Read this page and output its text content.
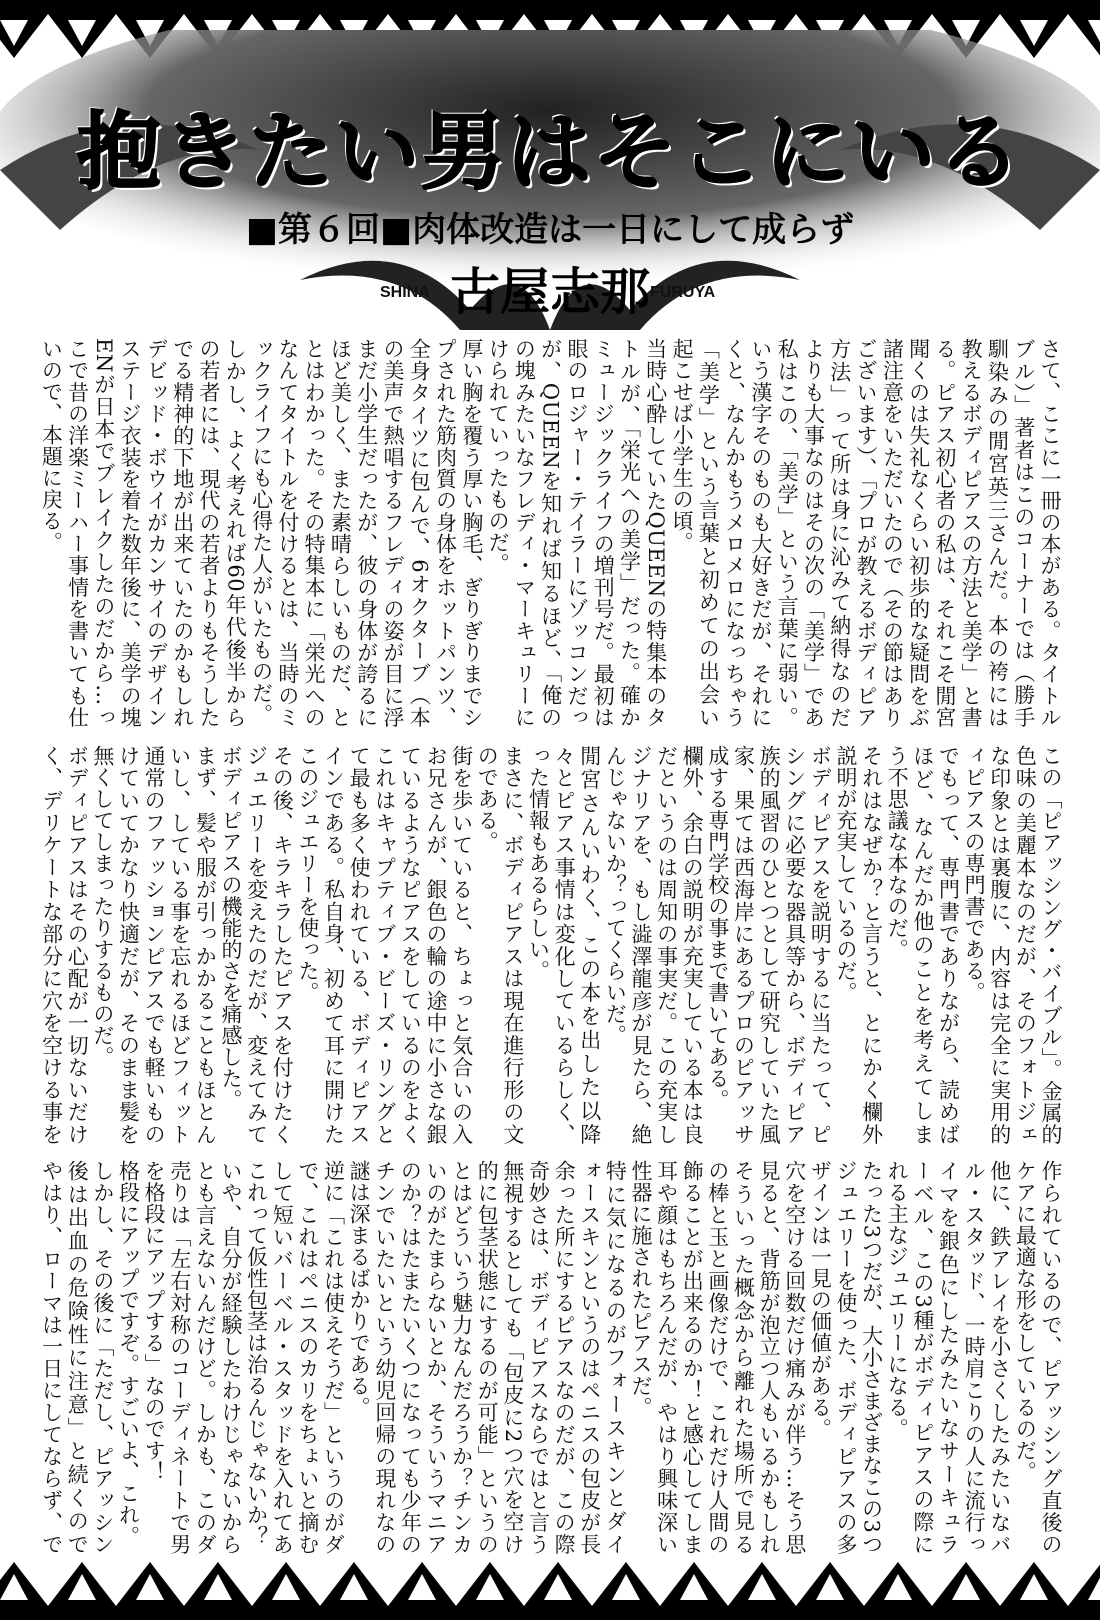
抱きたい男はそこにいる
■第６回■肉体改造は一日にして成らず
SHINA 古屋志那 FURUYA
さて、ここに一冊の本がある。タイトル
ブル）」著者はこのコーナーでは（勝手
馴染みの閒宮英三さんだ。本の袴には
教えるボディピアスの方法と美学」と書
る。ピアス初心者の私は、それこそ閒宮
聞くのは失礼なくらい初歩的な疑問をぶ
諸注意をいただいたので（その節はあり
ございます）、「プロが教えるボディピア
方法」って所は身に沁みて納得なのだ
よりも大事なのはその次の「美学」であ
私はこの、「美学」という言葉に弱い。
いう漢字そのものも大好きだが、それに
くと、なんかもうメロメロになっちゃう
「美学」という言葉と初めての出会い
起こせば小学生の頃。
当時心酔していたQUEENの特集本のタ
トルが、「栄光への美学」だった。確か
ミュージックライフの増刊号だ。最初は
眼のロジャー・テイラーにゾッコンだっ
が、QUEENを知れば知るほど、「俺の
の塊みたいなフレディ・マーキュリーに
けられていったものだ。
厚い胸を覆う厚い胸毛、ぎりぎりまでシ
プされた筋肉質の身体をホットパンツ、
全身タイツに包んで、6オクターブ（本
の美声で熱唱するフレディの姿が目に浮
まだ小学生だったが、彼の身体が誇るに
ほど美しく、また素晴らしいものだ、と
とはわかった。その特集本に「栄光への
なんてタイトルを付けるとは、当時のミ
ックライフにも心得た人がいたものだ。
しかし、よく考えれば60年代後半から
の若者には、現代の若者よりもそうした
でる精神的下地が出来ていたのかもしれ
デビッド・ボウイがカンサイのデザイン
ステージ衣装を着た数年後に、美学の塊
ENが日本でブレイクしたのだから…っ
こで昔の洋楽ミーハー事情を書いても仕
いので、本題に戻る。
この「ピアッシング・バイブル」。金属的
色味の美麗本なのだが、そのフォトジェ
な印象とは裏腹に、内容は完全に実用的
ィピアスの専門書である。
でもって、専門書でありながら、読めば
ほど、なんだか他のことを考えてしま
う不思議な本なのだ。
それはなぜか？と言うと、とにかく欄外
説明が充実しているのだ。
ボディピアスを説明するに当たって、ピ
シングに必要な器具等から、ボディピア
族的風習のひとつとして研究していた風
家、果ては西海岸にあるプロのピアッサ
成する専門学校の事まで書いてある。
欄外、余白の説明が充実している本は良
だというのは周知の事実だ。この充実し
ジナリアを、もし澁澤龍彦が見たら、絶
んじゃないか？ってくらいだ。
閒宮さんいわく、この本を出した以降
々とピアス事情は変化しているらしく、
った情報もあるらしい。
まさに、ボディピアスは現在進行形の文
のである。
街を歩いていると、ちょっと気合いの入
お兄さんが、銀色の輪の途中に小さな銀
ているようなピアスをしているのをよく
これはキャプティブ・ビーズ・リングと
て最も多く使われている、ボディピアス
インである。私自身、初めて耳に開けた
このジュエリーを使った。
その後、キラキラしたピアスを付けたく
ジュエリーを変えたのだが、変えてみて
ボディピアスの機能的さを痛感した。
まず、髪や服が引っかかることもほとん
いし、している事を忘れるほどフィット
通常のファッションピアスでも軽いもの
けていてかなり快適だが、そのまま髪を
無くしてしまったりするものだ。
ボディピアスはその心配が一切ないだけ
く、デリケートな部分に穴を空ける事を
作られているので、ピアッシング直後の
ケアに最適な形をしているのだ。
他に、鉄アレイを小さくしたみたいなバ
ル・スタッド、一時肩こりの人に流行っ
イマを銀色にしたみたいなサーキュラ
ーベル、この3種がボディピアスの際に
れる主なジュエリーになる。
たった3つだが、大小さまざまなこの3つ
ジュエリーを使った、ボディピアスの多
ザインは一見の価値がある。
穴を空ける回数だけ痛みが伴う…そう思
見ると、背筋が泡立つ人もいるかもしれ
そういった概念から離れた場所で見る
の棒と玉と画像だけで、これだけ人間の
飾ることが出来るのか！と感心してしま
耳や顔はもちろんだが、やはり興味深い
性器に施されたピアスだ。
特に気になるのがフォースキンとダイ
ォースキンというのはペニスの包皮が長
余った所にするピアスなのだが、この際
奇妙さは、ボディピアスならではと言う
無視するとしても「包皮に2つ穴を空け
的に包茎状態にするのが可能」というの
とはどういう魅力なんだろうか？チンカ
いのがたまらないとか、そういうマニア
のか？はたまたいくつになっても少年の
チンでいたいという幼児回帰の現れなの
謎は深まるばかりである。
逆に「これは使えそうだ」というのがダ
で、これはペニスのカリをちょいと摘む
して短いバーベル・スタッドを入れてあ
これって仮性包茎は治るんじゃないか？
いや、自分が経験したわけじゃないから
とも言えないんだけど。しかも、このダ
売りは「左右対称のコーディネートで男
を格段にアップする」なのです！
格段にアップですぞ。すごいよ、これ。
しかし、その後に「ただし、ピアッシン
後は出血の危険性に注意」と続くので
やはり、ローマは一日にしてならず、で
